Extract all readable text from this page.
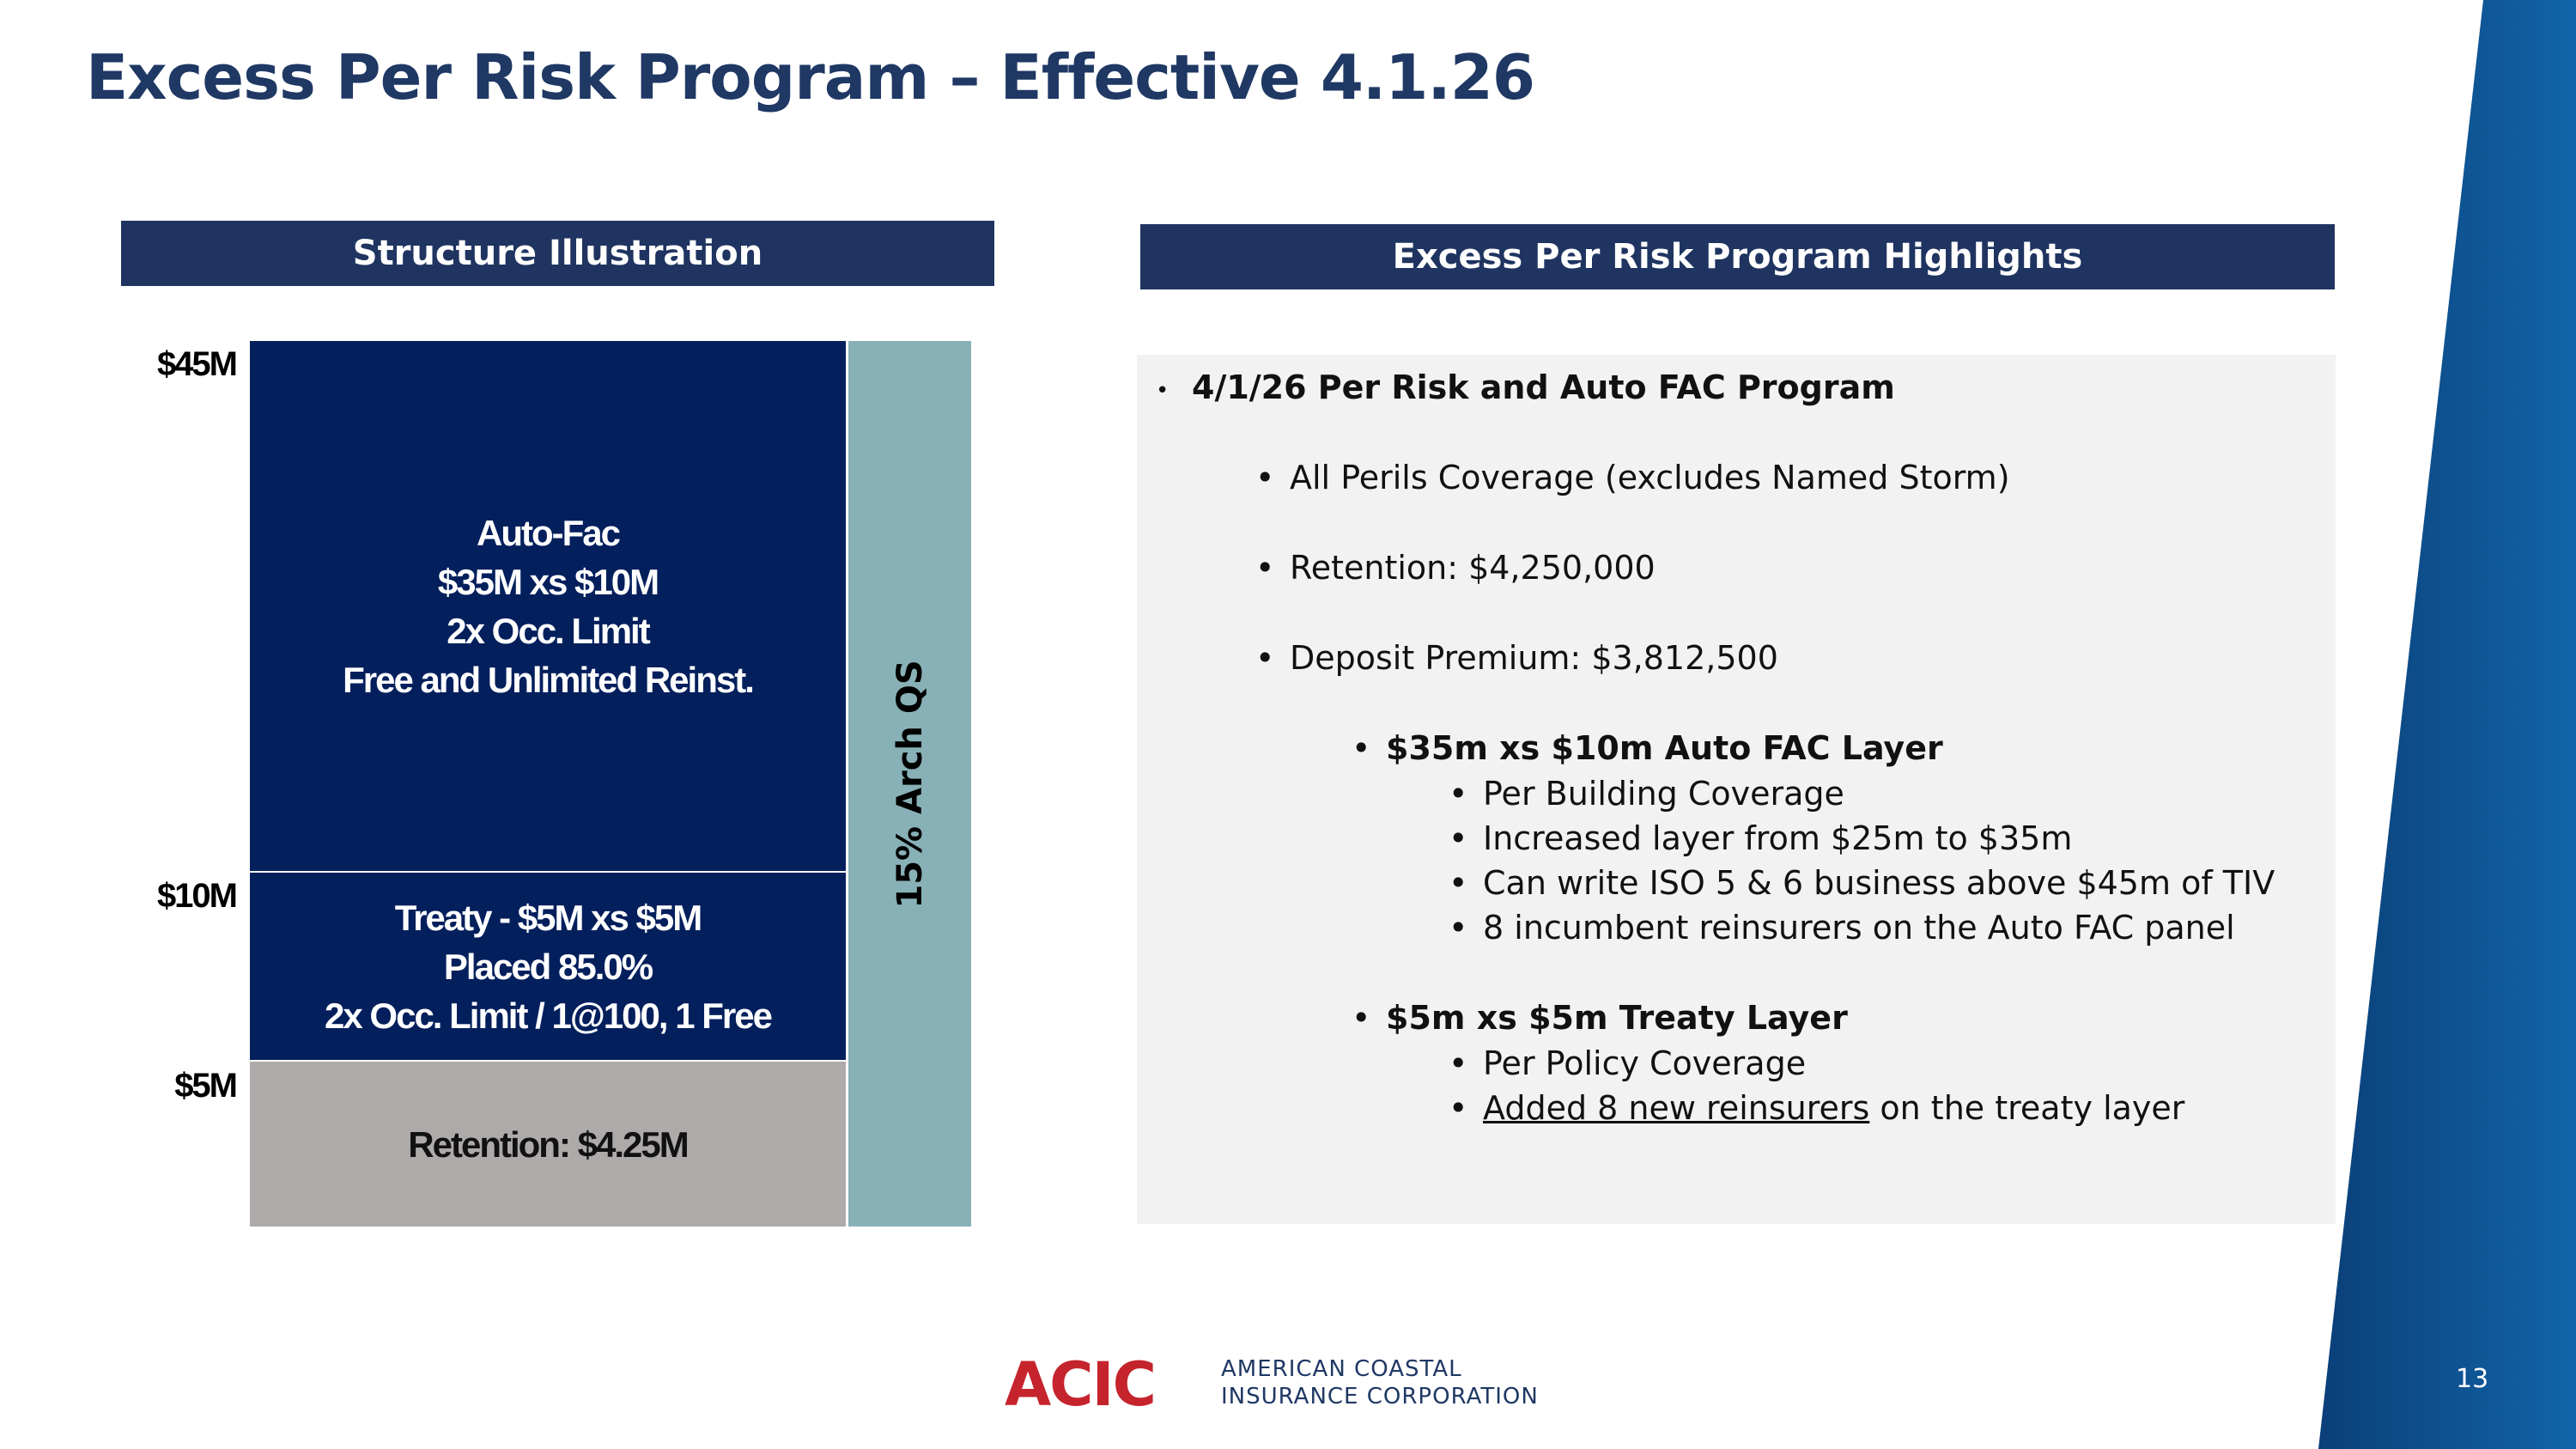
Excess Per Risk Program – Effective 4.1.26
Structure Illustration
$45M
$10M
$5M
Auto-Fac
$35M xs $10M
2x Occ. Limit
Free and Unlimited Reinst.
Treaty - $5M xs $5M
Placed 85.0%
2x Occ. Limit / 1@100, 1 Free
Retention: $4.25M
15% Arch QS
Excess Per Risk Program Highlights
• 4/1/26 Per Risk and Auto FAC Program
• All Perils Coverage (excludes Named Storm)
• Retention: $4,250,000
• Deposit Premium: $3,812,500
• $35m xs $10m Auto FAC Layer
• Per Building Coverage
• Increased layer from $25m to $35m
• Can write ISO 5 & 6 business above $45m of TIV
• 8 incumbent reinsurers on the Auto FAC panel
• $5m xs $5m Treaty Layer
• Per Policy Coverage
• Added 8 new reinsurers on the treaty layer
ACIC	AMERICAN COASTAL
INSURANCE CORPORATION
13
